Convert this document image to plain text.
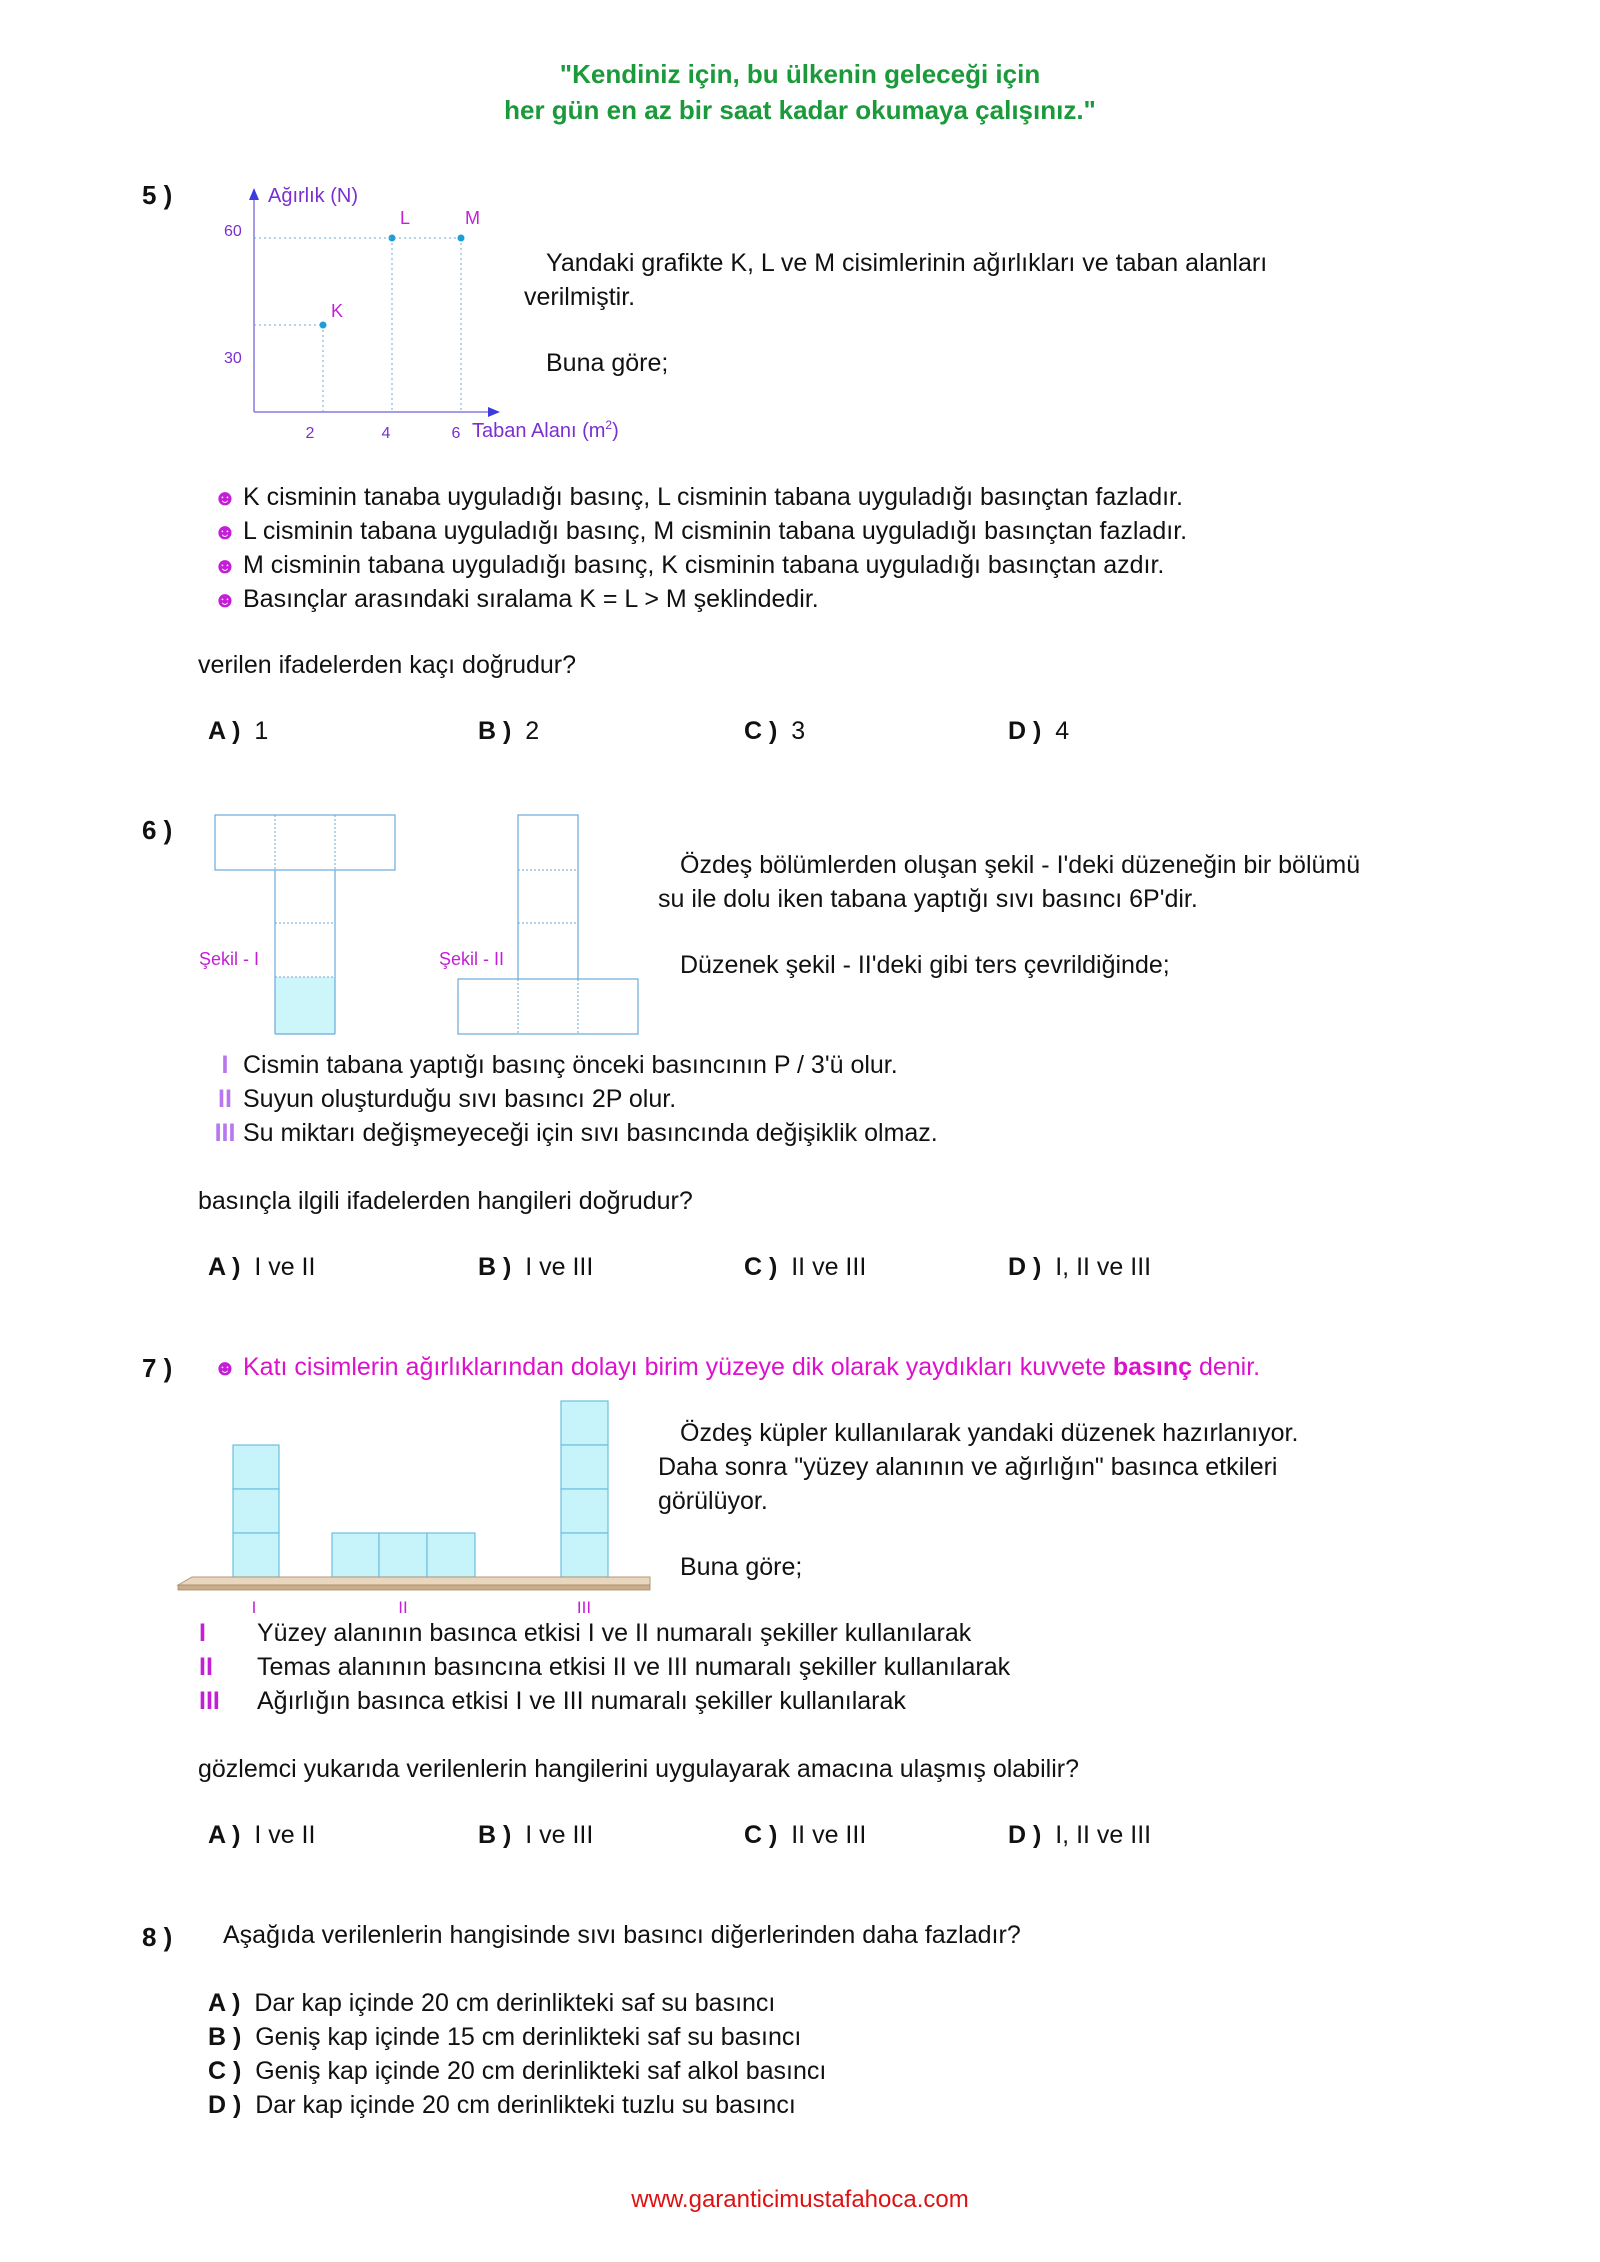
"Kendiniz için, bu ülkenin geleceği için
her gün en az bir saat kadar okumaya çalışınız."
5 )	Ağırlık (N)
60
30
2	4	6 Taban Alanı $(m^2)$
K
L	M
Yandaki grafikte K, L ve M cisimlerinin ağırlıkları ve taban alanları
verilmiştir.
Buna göre;
☻ K cisminin tanaba uyguladığı basınç, L cisminin tabana uyguladığı basınçtan fazladır.
☻ L cisminin tabana uyguladığı basınç, M cisminin tabana uyguladığı basınçtan fazladır.
☻ M cisminin tabana uyguladığı basınç, K cisminin tabana uyguladığı basınçtan azdır.
☻ Basınçlar arasındaki sıralama K = L > M şeklindedir.
verilen ifadelerden kaçı doğrudur?
A ) 1	B ) 2	C ) 3	D ) 4
6 )
Şekil - I	Şekil - II
Özdeş bölümlerden oluşan şekil - I'deki düzeneğin bir bölümü
su ile dolu iken tabana yaptığı sıvı basıncı 6P'dir.
Düzenek şekil - II'deki gibi ters çevrildiğinde;
I Cismin tabana yaptığı basınç önceki basıncının P / 3'ü olur.
II Suyun oluşturduğu sıvı basıncı 2P olur.
III Su miktarı değişmeyeceği için sıvı basıncında değişiklik olmaz.
basınçla ilgili ifadelerden hangileri doğrudur?
A ) I ve II	B ) I ve III	C ) II ve III	D ) I, II ve III
7 ) ☻ Katı cisimlerin ağırlıklarından dolayı birim yüzeye dik olarak yaydıkları kuvvete basınç denir.
I	II	III
Özdeş küpler kullanılarak yandaki düzenek hazırlanıyor.
Daha sonra "yüzey alanının ve ağırlığın" basınca etkileri
görülüyor.
Buna göre;
I Yüzey alanının basınca etkisi I ve II numaralı şekiller kullanılarak
II Temas alanının basıncına etkisi II ve III numaralı şekiller kullanılarak
III Ağırlığın basınca etkisi I ve III numaralı şekiller kullanılarak
gözlemci yukarıda verilenlerin hangilerini uygulayarak amacına ulaşmış olabilir?
A ) I ve II	B ) I ve III	C ) II ve III	D ) I, II ve III
8 ) Aşağıda verilenlerin hangisinde sıvı basıncı diğerlerinden daha fazladır?
A ) Dar kap içinde 20 cm derinlikteki saf su basıncı
B ) Geniş kap içinde 15 cm derinlikteki saf su basıncı
C ) Geniş kap içinde 20 cm derinlikteki saf alkol basıncı
D ) Dar kap içinde 20 cm derinlikteki tuzlu su basıncı
www.garanticimustafahoca.com
